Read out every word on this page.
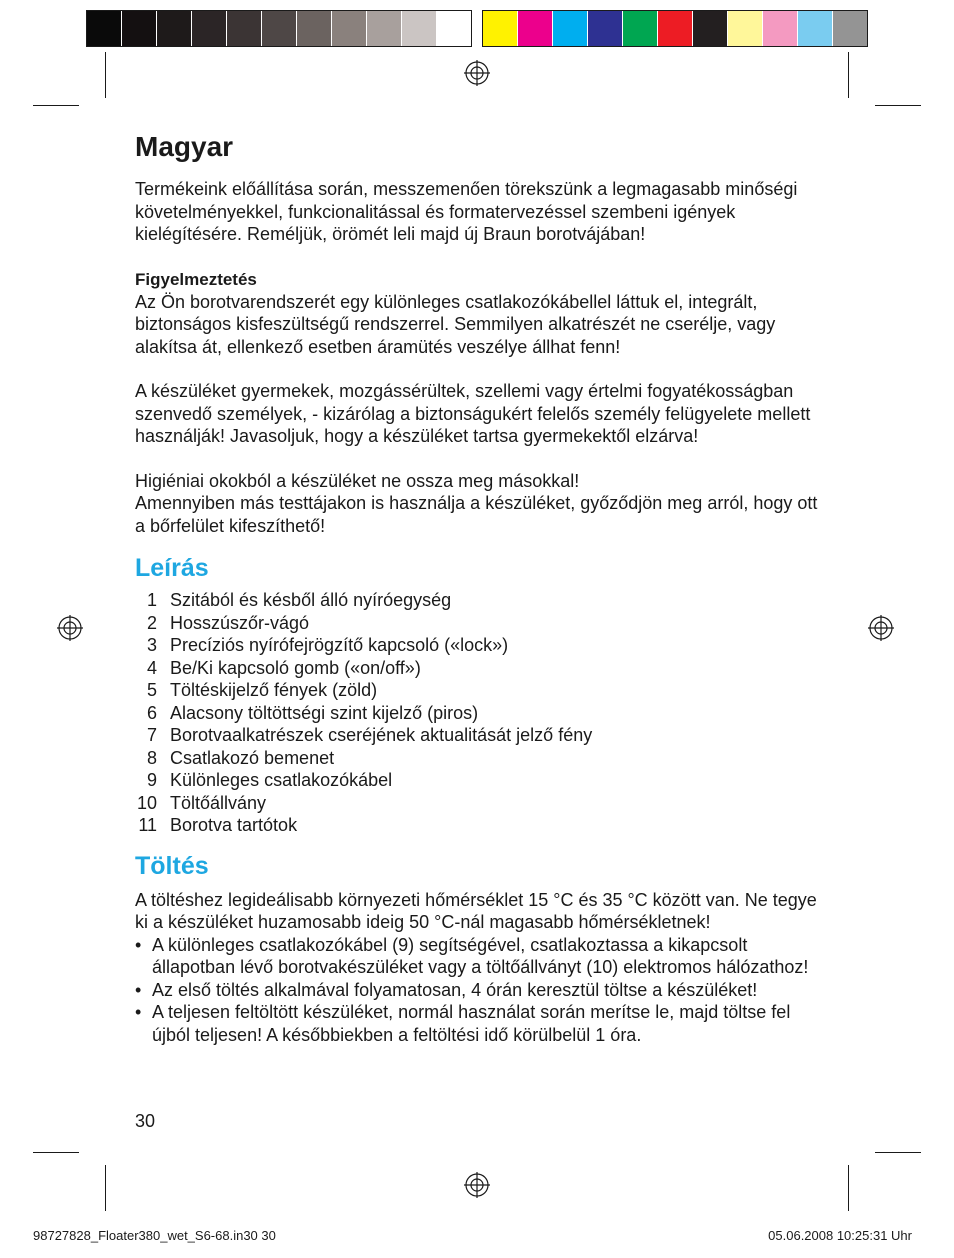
Magyar

Termékeink előállítása során, messzemenően törekszünk a legmagasabb minőségi követelményekkel, funkcionalitással és formatervezéssel szembeni igények kielégítésére. Reméljük, örömét leli majd új Braun borotvájában!

Figyelmeztetés

Az Ön borotvarendszerét egy különleges csatlakozókábellel láttuk el, integrált, biztonságos kisfeszültségű rendszerrel. Semmilyen alkatrészét ne cserélje, vagy alakítsa át, ellenkező esetben áramütés veszélye állhat fenn!

A készüléket gyermekek, mozgássérültek, szellemi vagy értelmi fogyatékosságban szenvedő személyek, - kizárólag a biztonságukért felelős személy felügyelete mellett használják! Javasoljuk, hogy a készüléket tartsa gyermekektől elzárva!

Higiéniai okokból a készüléket ne ossza meg másokkal!

Amennyiben más testtájakon is használja a készüléket, győződjön meg arról, hogy ott a bőrfelület kifeszíthető!

Leírás
1 Szitából és késből álló nyíróegység
2 Hosszúszőr-vágó
3 Precíziós nyírófejrögzítő kapcsoló («lock»)
4 Be/Ki kapcsoló gomb («on/off»)
5 Töltéskijelző fények (zöld)
6 Alacsony töltöttségi szint kijelző (piros)
7 Borotvaalkatrészek cseréjének aktualitását jelző fény
8 Csatlakozó bemenet
9 Különleges csatlakozókábel
10 Töltőállvány
11 Borotva tartótok
Töltés

A töltéshez legideálisabb környezeti hőmérséklet 15 °C és 35 °C között van. Ne tegye ki a készüléket huzamosabb ideig 50 °C-nál magasabb hőmérsékletnek!

• A különleges csatlakozókábel (9) segítségével, csatlakoztassa a kikapcsolt állapotban lévő borotvakészüléket vagy a töltőállványt (10) elektromos hálózathoz!
• Az első töltés alkalmával folyamatosan, 4 órán keresztül töltse a készüléket!
• A teljesen feltöltött készüléket, normál használat során merítse le, majd töltse fel újból teljesen! A későbbiekben a feltöltési idő körülbelül 1 óra.
30
98727828_Floater380_wet_S6-68.in30 30	05.06.2008 10:25:31 Uhr
